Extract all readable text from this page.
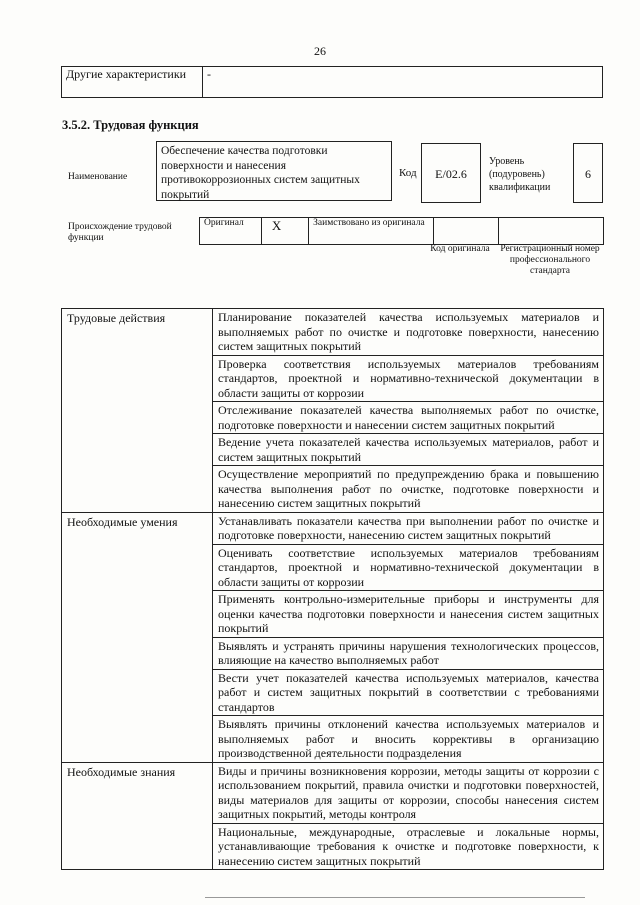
26
Другие характеристики	-
3.5.2. Трудовая функция
Наименование
Обеспечение качества подготовки поверхности и нанесения противокоррозионных систем защитных покрытий
Код	E/02.6
Уровень (подуровень) квалификации
6
Происхождение трудовой функции
Оригинал	X	Заимствовано из оригинала		
Код оригинала	Регистрационный номер профессионального стандарта
Трудовые действия	Планирование показателей качества используемых материалов и выполняемых работ по очистке и подготовке поверхности, нанесению систем защитных покрытий
	Проверка соответствия используемых материалов требованиям стандартов, проектной и нормативно-технической документации в области защиты от коррозии
	Отслеживание показателей качества выполняемых работ по очистке, подготовке поверхности и нанесении систем защитных покрытий
	Ведение учета показателей качества используемых материалов, работ и систем защитных покрытий
	Осуществление мероприятий по предупреждению брака и повышению качества выполнения работ по очистке, подготовке поверхности и нанесению систем защитных покрытий
Необходимые умения	Устанавливать показатели качества при выполнении работ по очистке и подготовке поверхности, нанесению систем защитных покрытий
	Оценивать соответствие используемых материалов требованиям стандартов, проектной и нормативно-технической документации в области защиты от коррозии
	Применять контрольно-измерительные приборы и инструменты для оценки качества подготовки поверхности и нанесения систем защитных покрытий
	Выявлять и устранять причины нарушения технологических процессов, влияющие на качество выполняемых работ
	Вести учет показателей качества используемых материалов, качества работ и систем защитных покрытий в соответствии с требованиями стандартов
	Выявлять причины отклонений качества используемых материалов и выполняемых работ и вносить коррективы в организацию производственной деятельности подразделения
Необходимые знания	Виды и причины возникновения коррозии, методы защиты от коррозии с использованием покрытий, правила очистки и подготовки поверхностей, виды материалов для защиты от коррозии, способы нанесения систем защитных покрытий, методы контроля
	Национальные, международные, отраслевые и локальные нормы, устанавливающие требования к очистке и подготовке поверхности, к нанесению систем защитных покрытий
